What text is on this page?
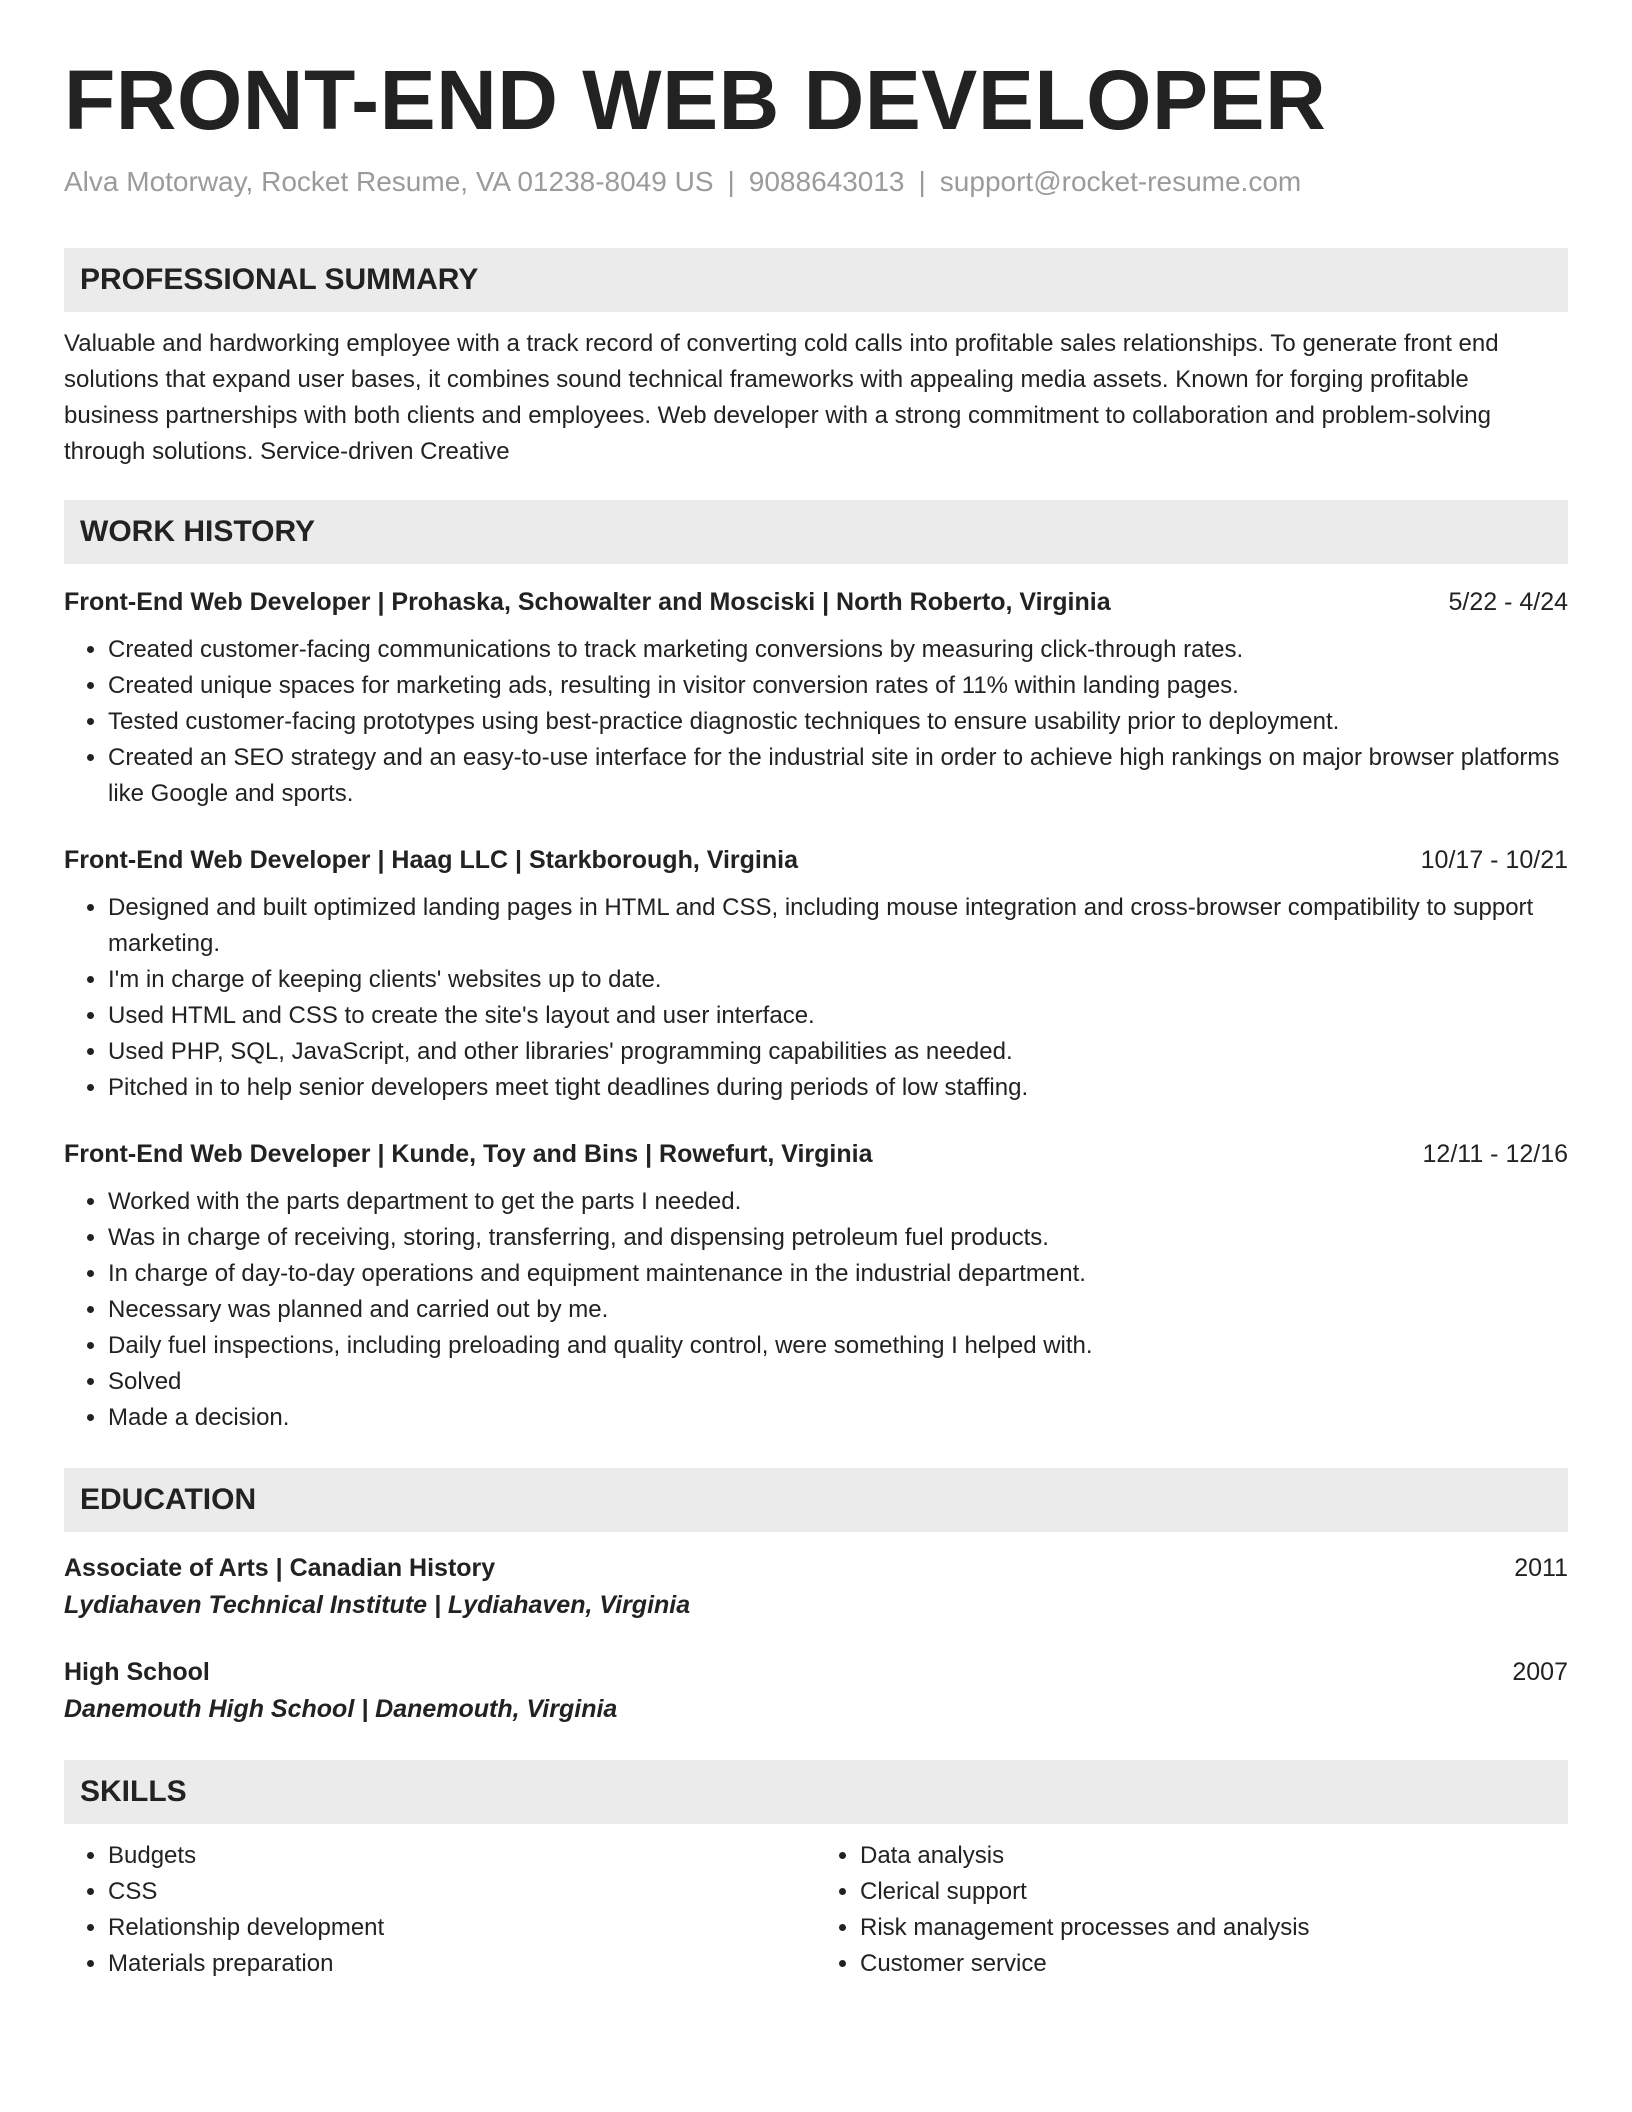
FRONT-END WEB DEVELOPER
Alva Motorway, Rocket Resume, VA 01238-8049 US | 9088643013 | support@rocket-resume.com
PROFESSIONAL SUMMARY
Valuable and hardworking employee with a track record of converting cold calls into profitable sales relationships. To generate front end solutions that expand user bases, it combines sound technical frameworks with appealing media assets. Known for forging profitable business partnerships with both clients and employees. Web developer with a strong commitment to collaboration and problem-solving through solutions. Service-driven Creative
WORK HISTORY
Front-End Web Developer | Prohaska, Schowalter and Mosciski | North Roberto, Virginia	5/22 - 4/24
• Created customer-facing communications to track marketing conversions by measuring click-through rates.
• Created unique spaces for marketing ads, resulting in visitor conversion rates of 11% within landing pages.
• Tested customer-facing prototypes using best-practice diagnostic techniques to ensure usability prior to deployment.
• Created an SEO strategy and an easy-to-use interface for the industrial site in order to achieve high rankings on major browser platforms like Google and sports.
Front-End Web Developer | Haag LLC | Starkborough, Virginia	10/17 - 10/21
• Designed and built optimized landing pages in HTML and CSS, including mouse integration and cross-browser compatibility to support marketing.
• I'm in charge of keeping clients' websites up to date.
• Used HTML and CSS to create the site's layout and user interface.
• Used PHP, SQL, JavaScript, and other libraries' programming capabilities as needed.
• Pitched in to help senior developers meet tight deadlines during periods of low staffing.
Front-End Web Developer | Kunde, Toy and Bins | Rowefurt, Virginia	12/11 - 12/16
• Worked with the parts department to get the parts I needed.
• Was in charge of receiving, storing, transferring, and dispensing petroleum fuel products.
• In charge of day-to-day operations and equipment maintenance in the industrial department.
• Necessary was planned and carried out by me.
• Daily fuel inspections, including preloading and quality control, were something I helped with.
• Solved
• Made a decision.
EDUCATION
Associate of Arts | Canadian History	2011
Lydiahaven Technical Institute | Lydiahaven, Virginia
High School	2007
Danemouth High School | Danemouth, Virginia
SKILLS
• Budgets
• CSS
• Relationship development
• Materials preparation
• Data analysis
• Clerical support
• Risk management processes and analysis
• Customer service
